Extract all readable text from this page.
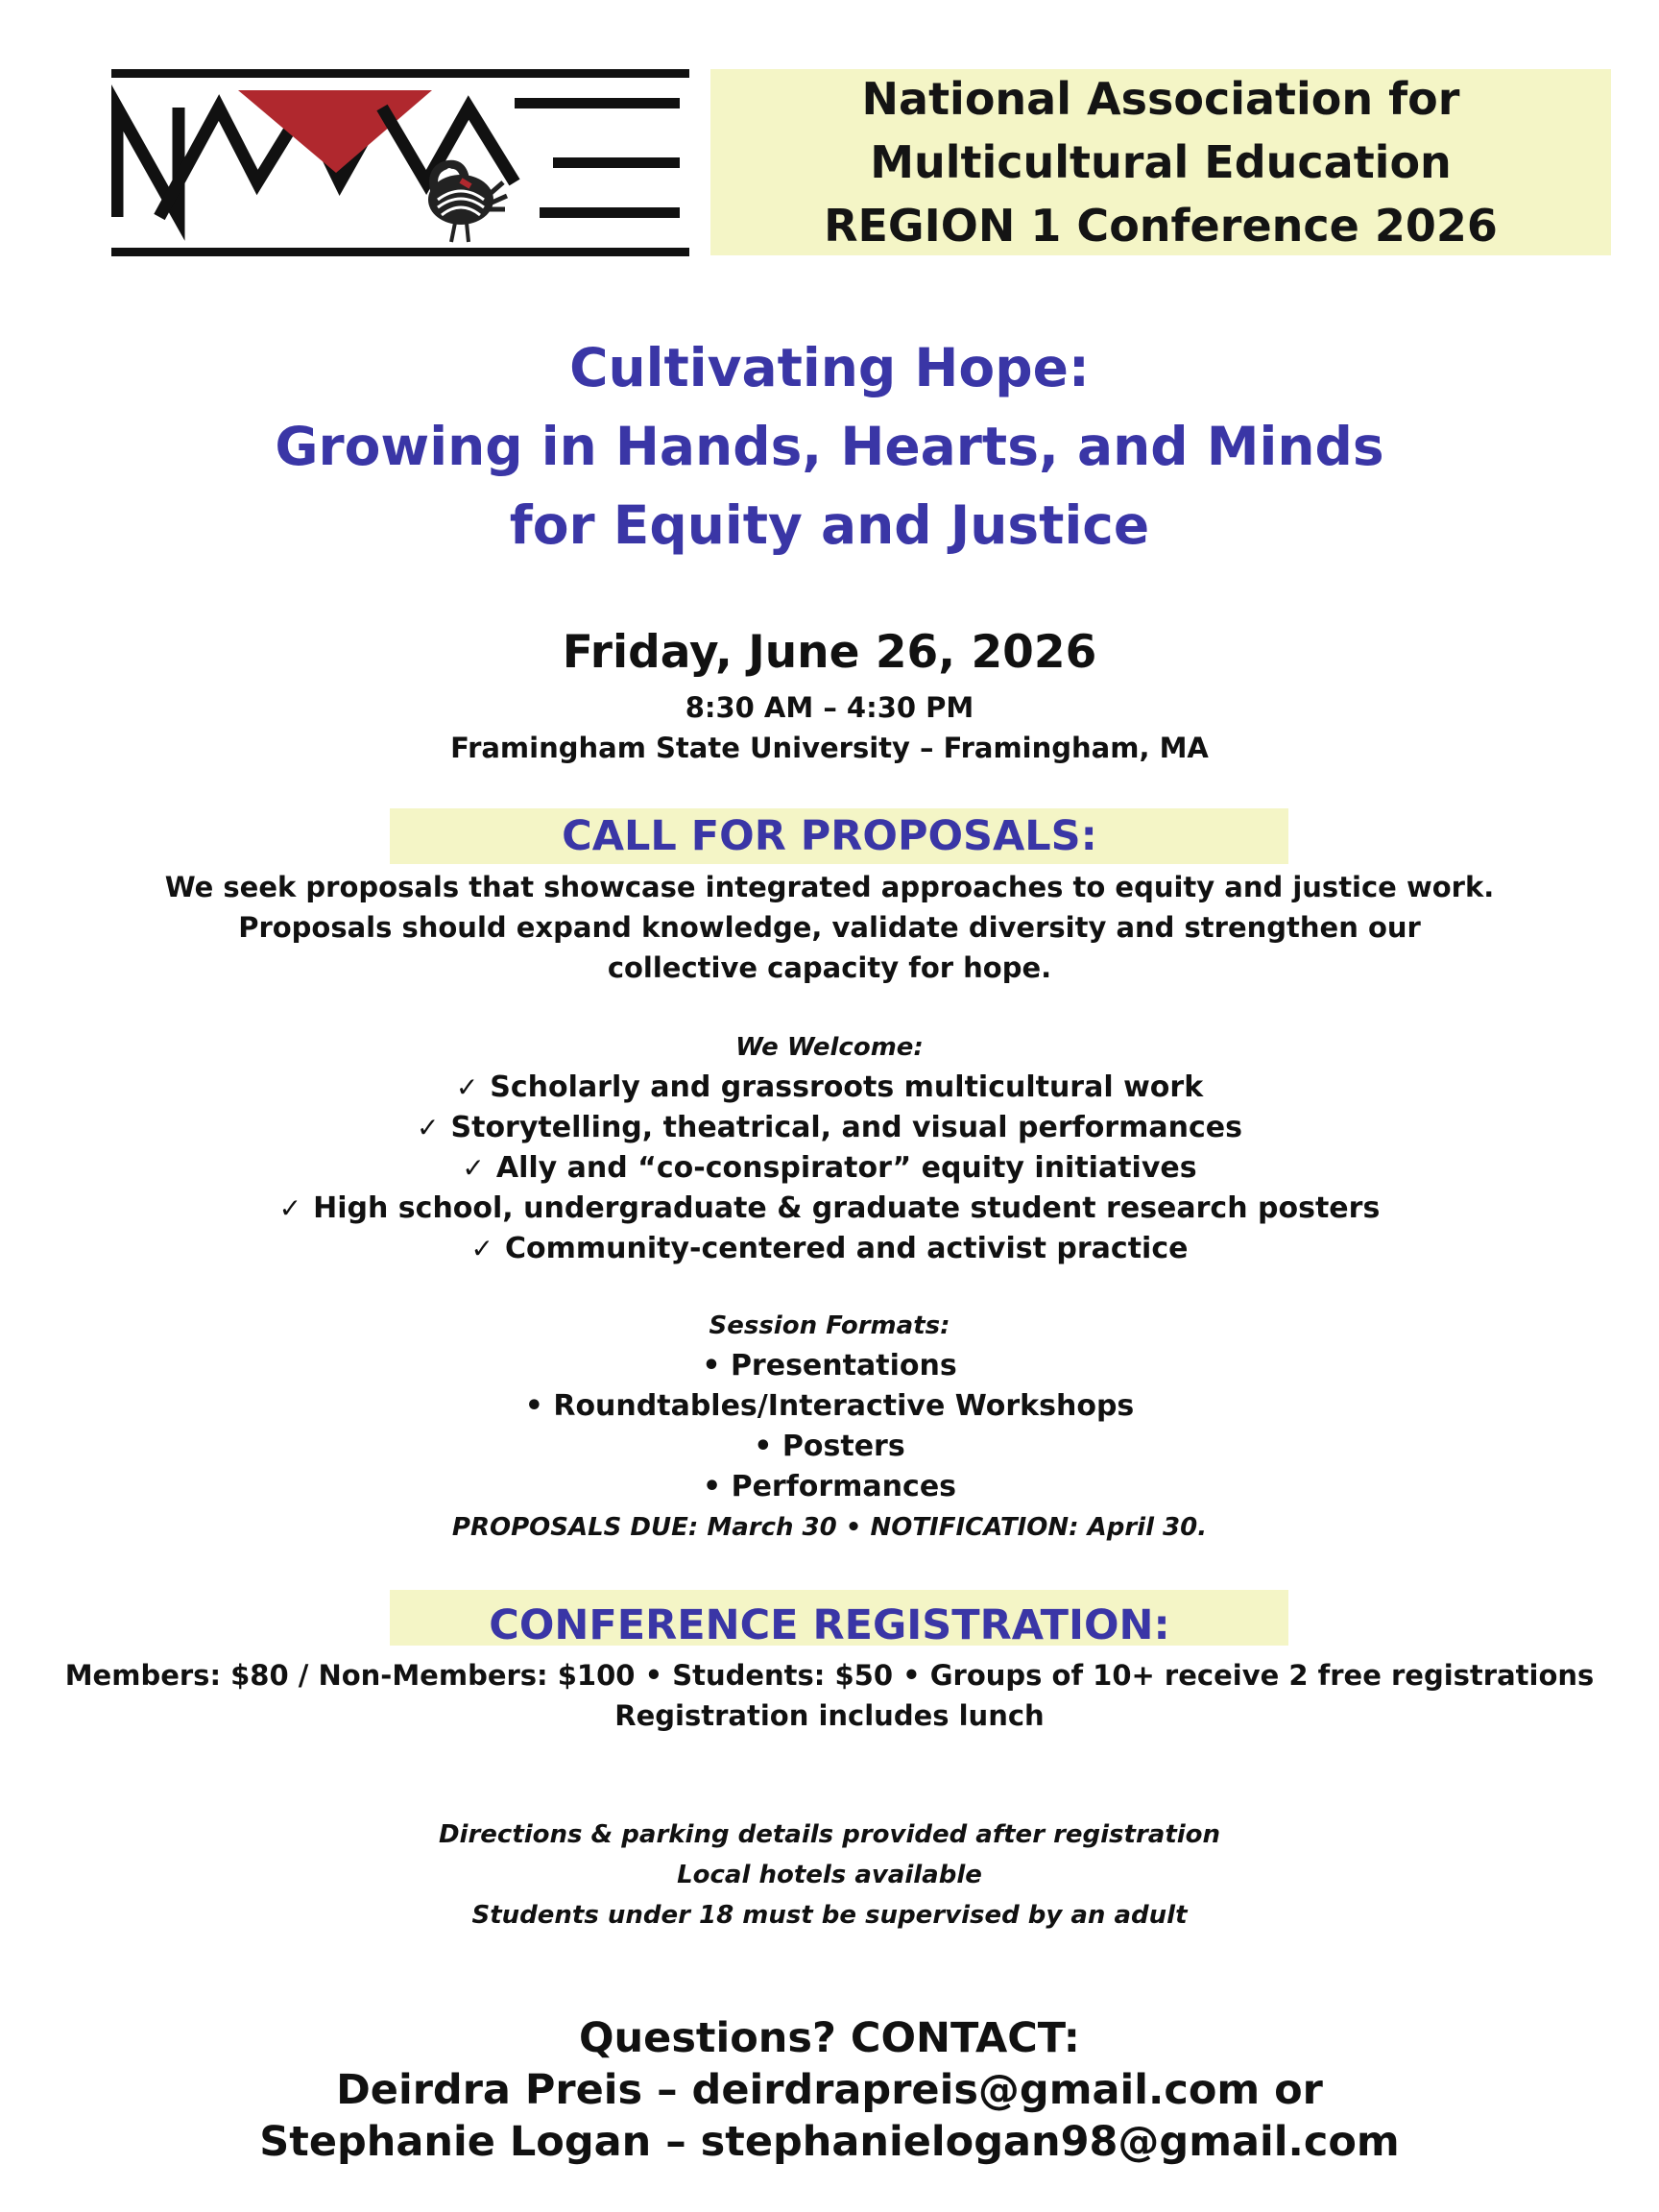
National Association for
Multicultural Education
REGION 1 Conference 2026
Cultivating Hope:
Growing in Hands, Hearts, and Minds
for Equity and Justice
Friday, June 26, 2026
8:30 AM – 4:30 PM
Framingham State University – Framingham, MA
CALL FOR PROPOSALS:
We seek proposals that showcase integrated approaches to equity and justice work.
Proposals should expand knowledge, validate diversity and strengthen our
collective capacity for hope.
We Welcome:
✓ Scholarly and grassroots multicultural work
✓ Storytelling, theatrical, and visual performances
✓ Ally and “co-conspirator” equity initiatives
✓ High school, undergraduate & graduate student research posters
✓ Community-centered and activist practice
Session Formats:
• Presentations
• Roundtables/Interactive Workshops
• Posters
• Performances
PROPOSALS DUE: March 30 • NOTIFICATION: April 30.
CONFERENCE REGISTRATION:
Members: $80 / Non-Members: $100 • Students: $50 • Groups of 10+ receive 2 free registrations
Registration includes lunch
Directions & parking details provided after registration
Local hotels available
Students under 18 must be supervised by an adult
Questions? CONTACT:
Deirdra Preis – deirdrapreis@gmail.com or
Stephanie Logan – stephanielogan98@gmail.com
